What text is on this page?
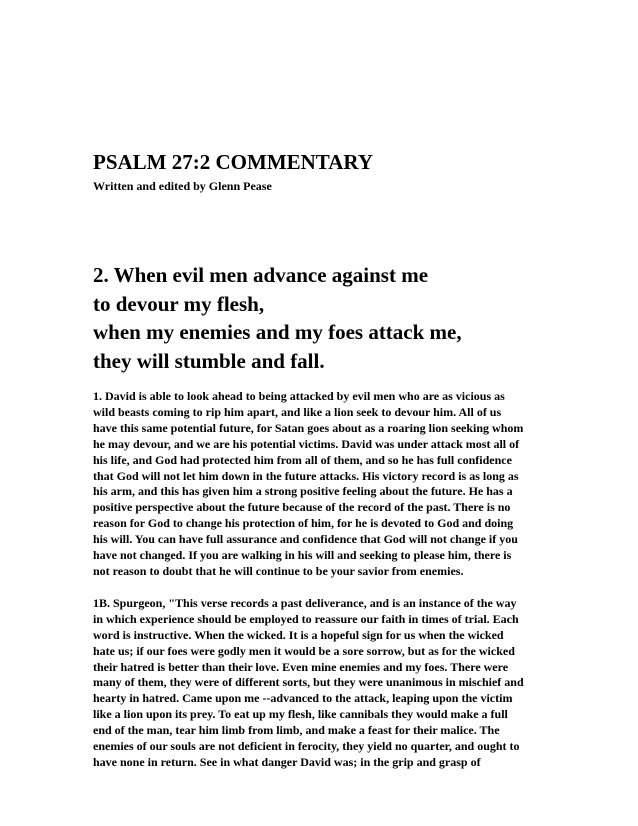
PSALM 27:2 COMMENTARY

Written and edited by Glenn Pease

2. When evil men advance against me
to devour my flesh,
when my enemies and my foes attack me,
they will stumble and fall.
1. David is able to look ahead to being attacked by evil men who are as vicious as
wild beasts coming to rip him apart, and like a lion seek to devour him. All of us
have this same potential future, for Satan goes about as a roaring lion seeking whom
he may devour, and we are his potential victims. David was under attack most all of
his life, and God had protected him from all of them, and so he has full confidence
that God will not let him down in the future attacks. His victory record is as long as
his arm, and this has given him a strong positive feeling about the future. He has a
positive perspective about the future because of the record of the past. There is no
reason for God to change his protection of him, for he is devoted to God and doing
his will. You can have full assurance and confidence that God will not change if you
have not changed. If you are walking in his will and seeking to please him, there is
not reason to doubt that he will continue to be your savior from enemies.
1B. Spurgeon, "This verse records a past deliverance, and is an instance of the way
in which experience should be employed to reassure our faith in times of trial. Each
word is instructive. When the wicked. It is a hopeful sign for us when the wicked
hate us; if our foes were godly men it would be a sore sorrow, but as for the wicked
their hatred is better than their love. Even mine enemies and my foes. There were
many of them, they were of different sorts, but they were unanimous in mischief and
hearty in hatred. Came upon me --advanced to the attack, leaping upon the victim
like a lion upon its prey. To eat up my flesh, like cannibals they would make a full
end of the man, tear him limb from limb, and make a feast for their malice. The
enemies of our souls are not deficient in ferocity, they yield no quarter, and ought to
have none in return. See in what danger David was; in the grip and grasp of
